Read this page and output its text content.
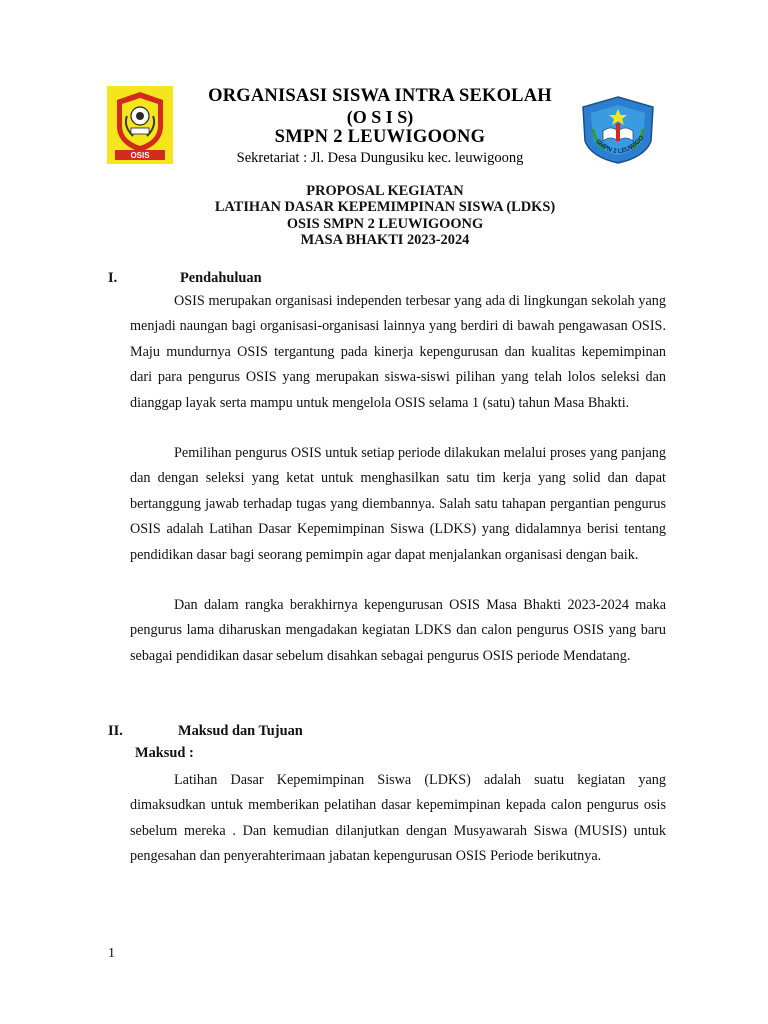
OSIS
ORGANISASI SISWA INTRA SEKOLAH
(O S I S)
SMPN 2 LEUWIGOONG
Sekretariat : Jl. Desa Dungusiku kec. leuwigoong
SMPN 2 LEUWIGO
PROPOSAL KEGIATAN
LATIHAN DASAR KEPEMIMPINAN SISWA (LDKS)
OSIS SMPN 2 LEUWIGOONG
MASA BHAKTI 2023-2024
I.	Pendahuluan

OSIS merupakan organisasi independen terbesar yang ada di lingkungan sekolah yang menjadi naungan bagi organisasi-organisasi lainnya yang berdiri di bawah pengawasan OSIS. Maju mundurnya OSIS tergantung pada kinerja kepengurusan dan kualitas kepemimpinan dari para pengurus OSIS yang merupakan siswa-siswi pilihan yang telah lolos seleksi dan dianggap layak serta mampu untuk mengelola OSIS selama 1 (satu) tahun Masa Bhakti.

Pemilihan pengurus OSIS untuk setiap periode dilakukan melalui proses yang panjang dan dengan seleksi yang ketat untuk menghasilkan satu tim kerja yang solid dan dapat bertanggung jawab terhadap tugas yang diembannya. Salah satu tahapan pergantian pengurus OSIS adalah Latihan Dasar Kepemimpinan Siswa (LDKS) yang didalamnya berisi tentang pendidikan dasar bagi seorang pemimpin agar dapat menjalankan organisasi dengan baik.

Dan dalam rangka berakhirnya kepengurusan OSIS Masa Bhakti 2023-2024 maka pengurus lama diharuskan mengadakan kegiatan LDKS dan calon pengurus OSIS yang baru sebagai pendidikan dasar sebelum disahkan sebagai pengurus OSIS periode Mendatang.

II.	Maksud dan Tujuan
Maksud :

Latihan Dasar Kepemimpinan Siswa (LDKS) adalah suatu kegiatan yang dimaksudkan untuk memberikan pelatihan dasar kepemimpinan kepada calon pengurus osis sebelum mereka . Dan kemudian dilanjutkan dengan Musyawarah Siswa (MUSIS) untuk pengesahan dan penyerahterimaan jabatan kepengurusan OSIS Periode berikutnya.

1
